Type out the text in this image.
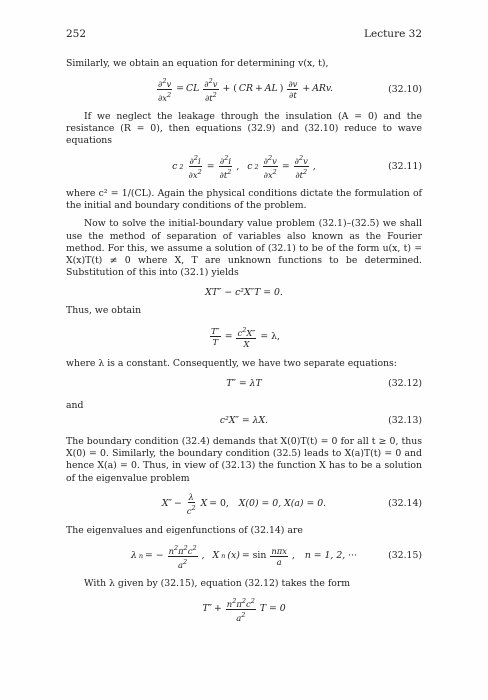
252	Lecture 32

Similarly, we obtain an equation for determining v(x, t),

$\frac{\partial^2v}{\partial x^2}$ = CL $\frac{\partial^2v}{\partial t^2}$ + ( CR + AL ) $\frac{\partial v}{\partial t}$ + ARv.	(32.10)

If we neglect the leakage through the insulation (A = 0) and the resistance (R = 0), then equations (32.9) and (32.10) reduce to wave equations

c $2 \frac{\partial^2i}{\partial x^2} = \frac{\partial^2i}{\partial t^2}$ , c $2 \frac{\partial^2v}{\partial x^2} = \frac{\partial^2v}{\partial t^2}$ ,	(32.11)

where c² = 1/(CL). Again the physical conditions dictate the formulation of the initial and boundary conditions of the problem.

Now to solve the initial-boundary value problem (32.1)–(32.5) we shall use the method of separation of variables also known as the Fourier method. For this, we assume a solution of (32.1) to be of the form u(x, t) = X(x)T(t) ≠ 0 where X, T are unknown functions to be determined. Substitution of this into (32.1) yields

XT″ − c²X″T = 0.

Thus, we obtain

$\frac{T''}{T} = \frac{c^2X''}{X} = \lambda$,

where λ is a constant. Consequently, we have two separate equations:

T″ = λT	(32.12)

and

c²X″ = λX.	(32.13)

The boundary condition (32.4) demands that X(0)T(t) = 0 for all t ≥ 0, thus X(0) = 0. Similarly, the boundary condition (32.5) leads to X(a)T(t) = 0 and hence X(a) = 0. Thus, in view of (32.13) the function X has to be a solution of the eigenvalue problem

$X'' - \frac{\lambda}{c^2}$ X = 0,
X(0) = 0, X(a) = 0.	(32.14)

The eigenvalues and eigenfunctions of (32.14) are

λ n = − $\frac{n^2\pi^2c^2}{a^2}$ , X n $(x) = \sin \frac{\text{nπx}}{a}$ ,
n = 1, 2, ···	(32.15)

With λ given by (32.15), equation (32.12) takes the form

$T'' + \frac{n^2\pi^2c^2}{a^2}$ T = 0
